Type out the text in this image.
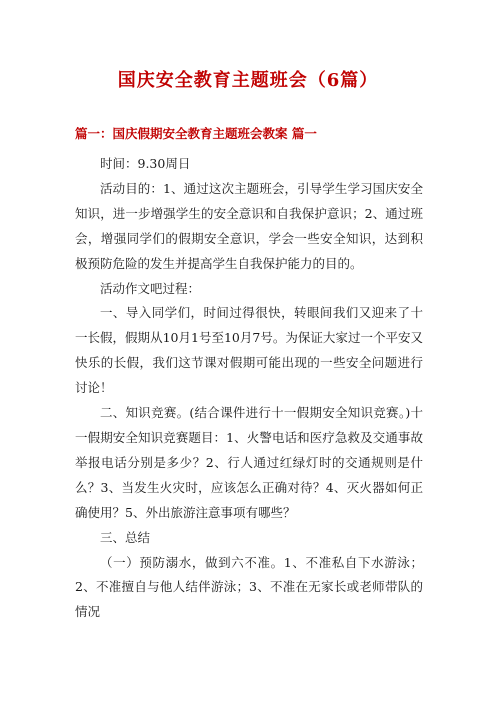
国庆安全教育主题班会（6篇）
篇一：国庆假期安全教育主题班会教案 篇一

时间：9.30周日

活动目的：1、通过这次主题班会，引导学生学习国庆安全知识，进一步增强学生的安全意识和自我保护意识；2、通过班会，增强同学们的假期安全意识，学会一些安全知识，达到积极预防危险的发生并提高学生自我保护能力的目的。

活动作文吧过程：

一、导入同学们，时间过得很快，转眼间我们又迎来了十一长假，假期从10月1号至10月7号。为保证大家过一个平安又快乐的长假，我们这节课对假期可能出现的一些安全问题进行讨论！

二、知识竞赛。(结合课件进行十一假期安全知识竞赛。)十一假期安全知识竞赛题目：1、火警电话和医疗急救及交通事故举报电话分别是多少？2、行人通过红绿灯时的交通规则是什么？3、当发生火灾时，应该怎么正确对待？4、灭火器如何正确使用？5、外出旅游注意事项有哪些？

三、总结

（一）预防溺水，做到六不准。1、不准私自下水游泳；2、不准擅自与他人结伴游泳；3、不准在无家长或老师带队的情况
